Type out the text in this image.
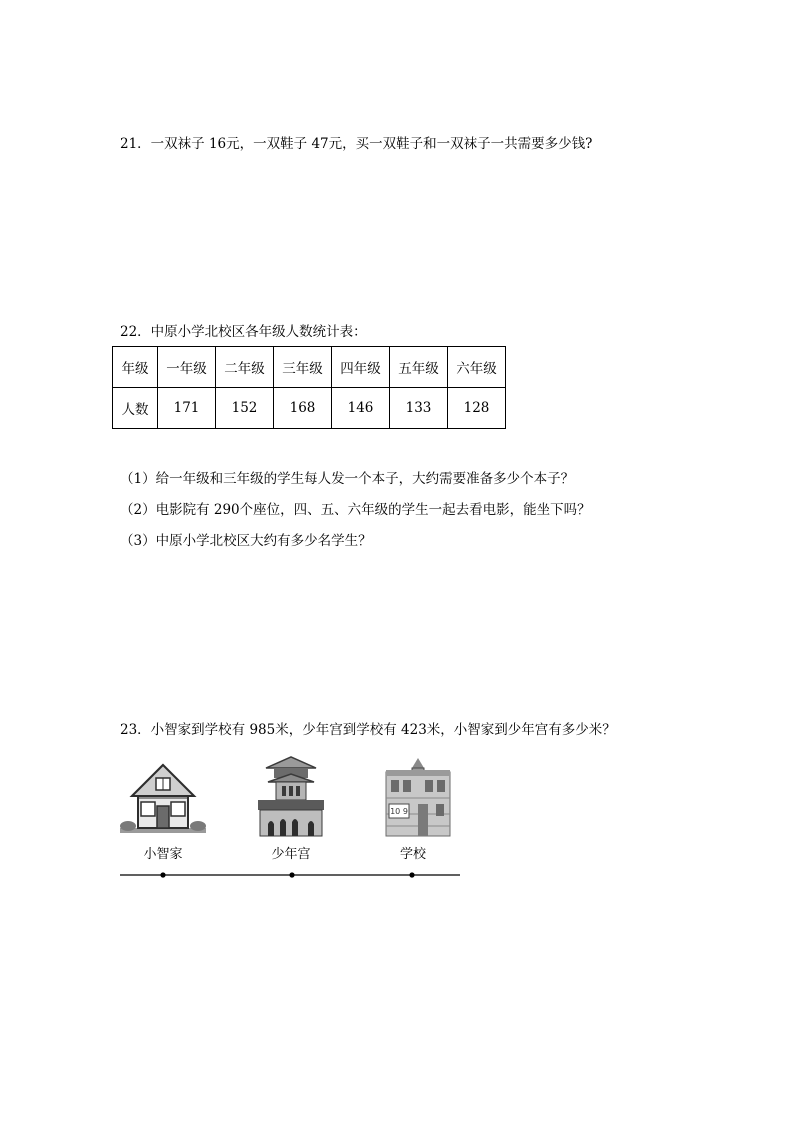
21．一双袜子 16元，一双鞋子 47元，买一双鞋子和一双袜子一共需要多少钱?
22．中原小学北校区各年级人数统计表：
年级	一年级	二年级	三年级	四年级	五年级	六年级
人数	171	152	168	146	133	128
（1）给一年级和三年级的学生每人发一个本子，大约需要准备多少个本子？
（2）电影院有 290个座位，四、五、六年级的学生一起去看电影，能坐下吗？
（3）中原小学北校区大约有多少名学生？
23．小智家到学校有 985米，少年宫到学校有 423米，小智家到少年宫有多少米？
10 9
小智家	少年宫	学校
